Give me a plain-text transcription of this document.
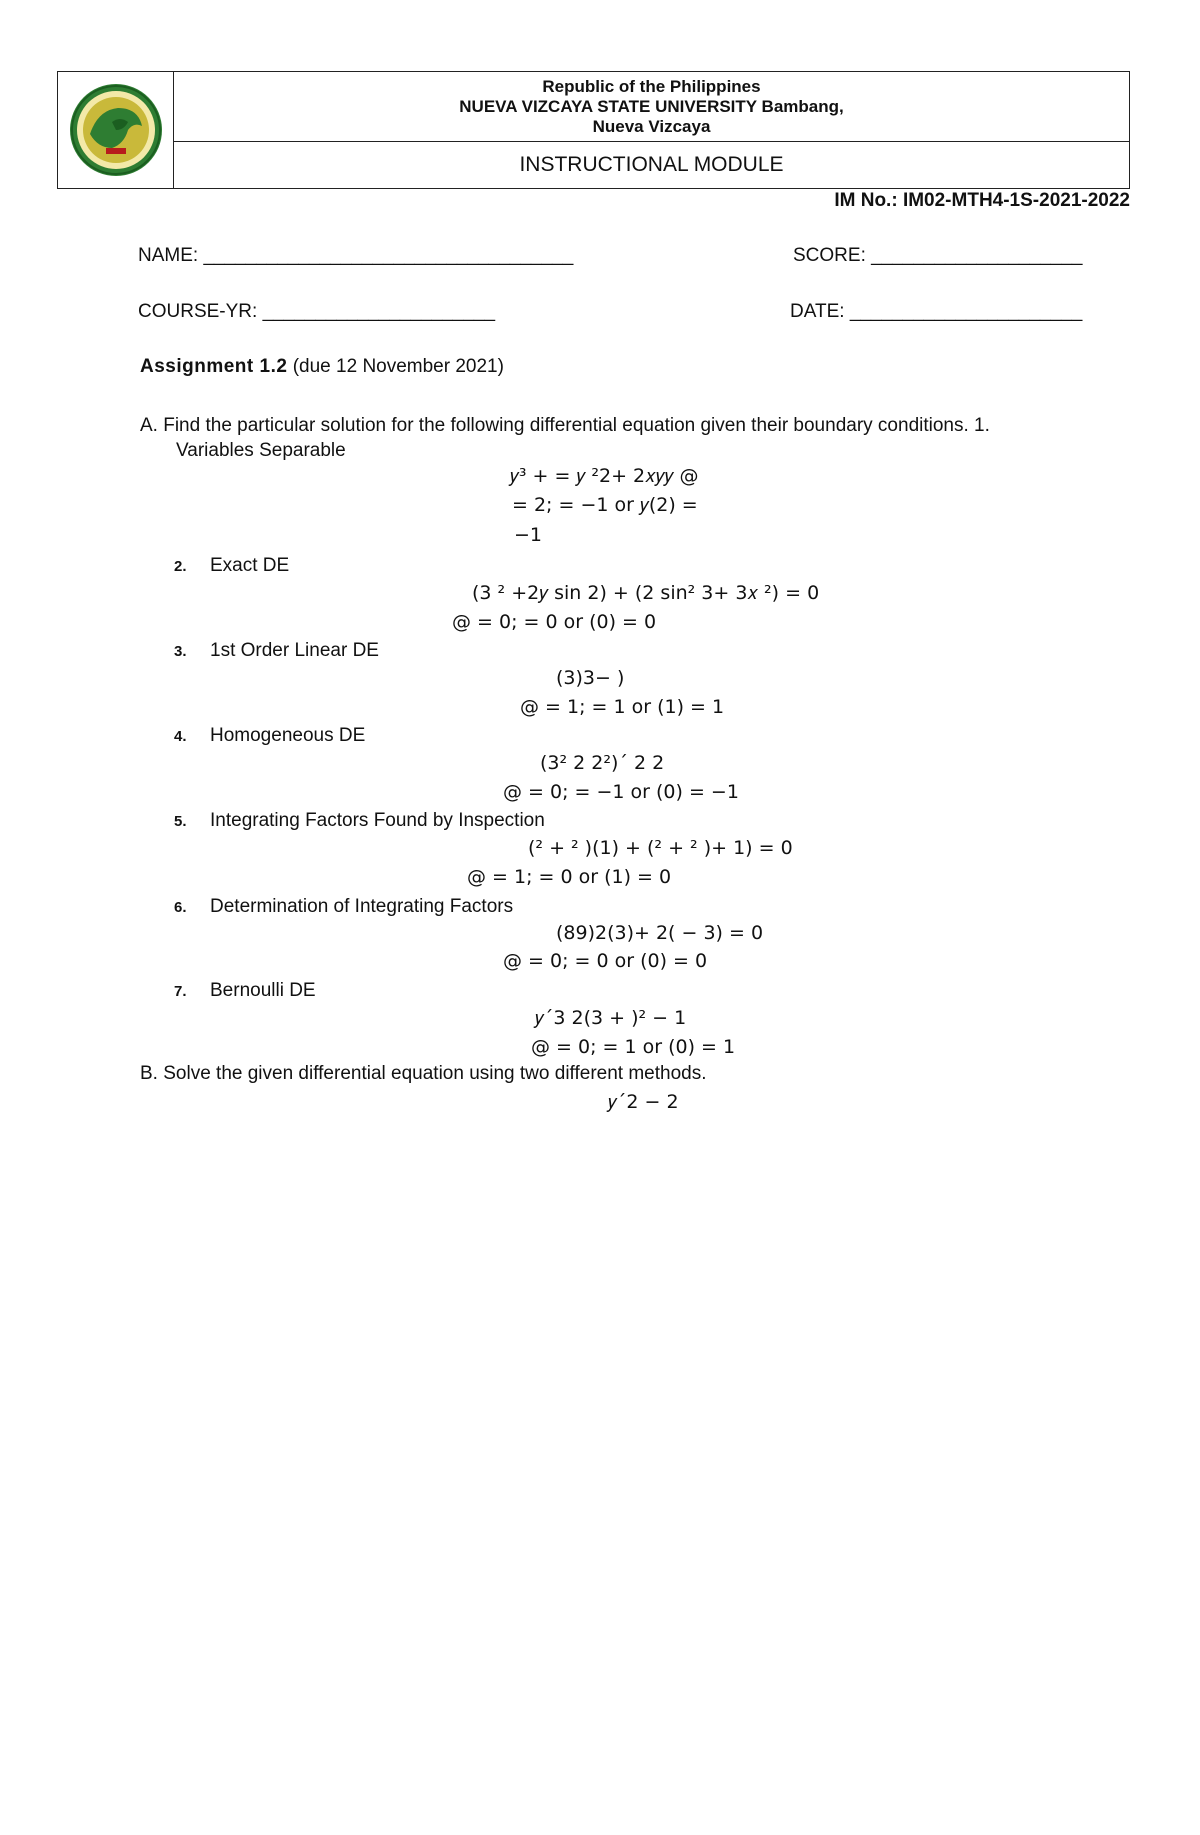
Republic of the Philippines
NUEVA VIZCAYA STATE UNIVERSITY Bambang,
Nueva Vizcaya
INSTRUCTIONAL MODULE
IM No.: IM02-MTH4-1S-2021-2022
NAME: ___________________________________	SCORE: ____________________
COURSE-YR: ______________________	DATE: ______________________
Assignment 1.2 (due 12 November 2021)
A. Find the particular solution for the following differential equation given their boundary conditions. 1.
Variables Separable
𝑦³ + = 𝑦 ²2+ 2𝑥𝑦𝑦 @
= 2; = −1 or 𝑦(2) =
−1
2. Exact DE
(3 ² +2𝑦 sin 2) + (2 sin² 3+ 3𝑥 ²) = 0
@ = 0; = 0 or (0) = 0
3. 1st Order Linear DE
(3)3− )
@ = 1; = 1 or (1) = 1
4. Homogeneous DE
(3² 2 2²)´ 2 2
@ = 0; = −1 or (0) = −1
5. Integrating Factors Found by Inspection
(² + ² )(1) + (² + ² )+ 1) = 0
@ = 1; = 0 or (1) = 0
6. Determination of Integrating Factors
(89)2(3)+ 2( − 3) = 0
@ = 0; = 0 or (0) = 0
7. Bernoulli DE
𝑦´3 2(3 + )² − 1
@ = 0; = 1 or (0) = 1
B. Solve the given differential equation using two different methods.
𝑦´2 − 2
